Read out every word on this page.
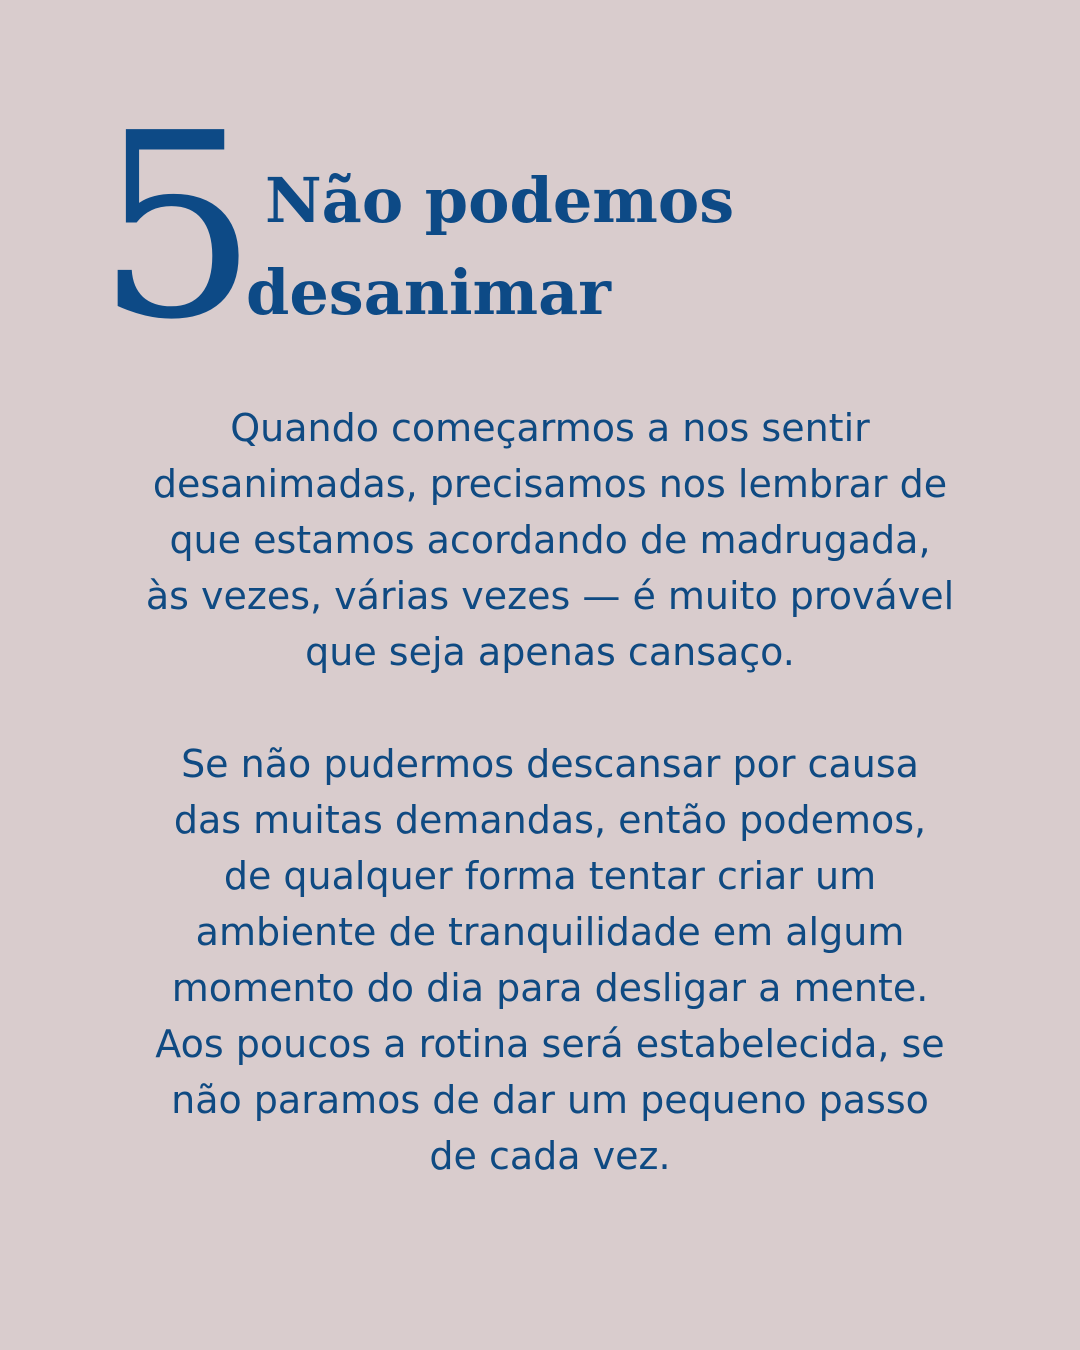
5 Não podemos
desanimar

Quando começarmos a nos sentir
desanimadas, precisamos nos lembrar de
que estamos acordando de madrugada,
às vezes, várias vezes — é muito provável
que seja apenas cansaço.

Se não pudermos descansar por causa
das muitas demandas, então podemos,
de qualquer forma tentar criar um
ambiente de tranquilidade em algum
momento do dia para desligar a mente.
Aos poucos a rotina será estabelecida, se
não paramos de dar um pequeno passo
de cada vez.
